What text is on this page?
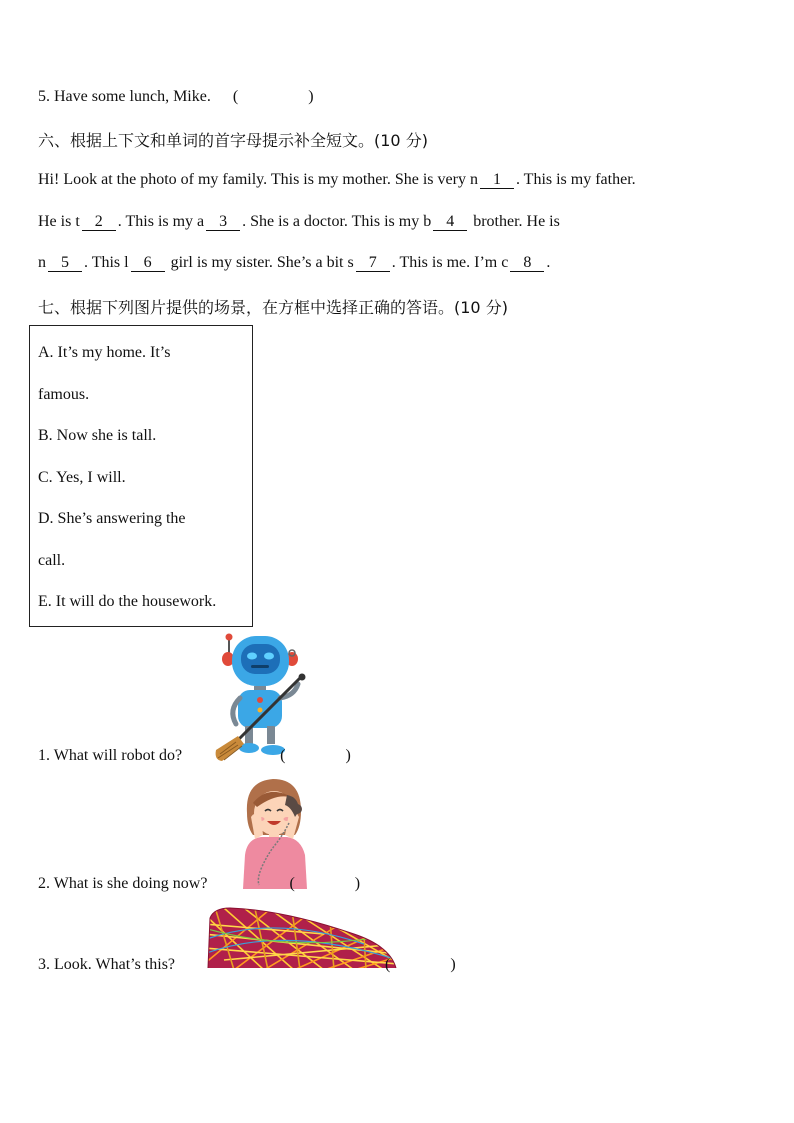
5. Have some lunch, Mike. (	)
六、根据上下文和单词的首字母提示补全短文。(10 分)
Hi! Look at the photo of my family. This is my mother. She is very n 1 . This is my father.
He is t 2 . This is my a 3 . She is a doctor. This is my b 4 brother. He is
n 5 . This l 6 girl is my sister. She’s a bit s 7 . This is me. I’m c 8 .
七、根据下列图片提供的场景，在方框中选择正确的答语。(10 分)
A. It’s my home. It’s
famous.
B. Now she is tall.
C. Yes, I will.
D. She’s answering the
call.
E. It will do the housework.
1. What will robot do?	(	)
2. What is she doing now?	(	)
3. Look. What’s this?	(	)
